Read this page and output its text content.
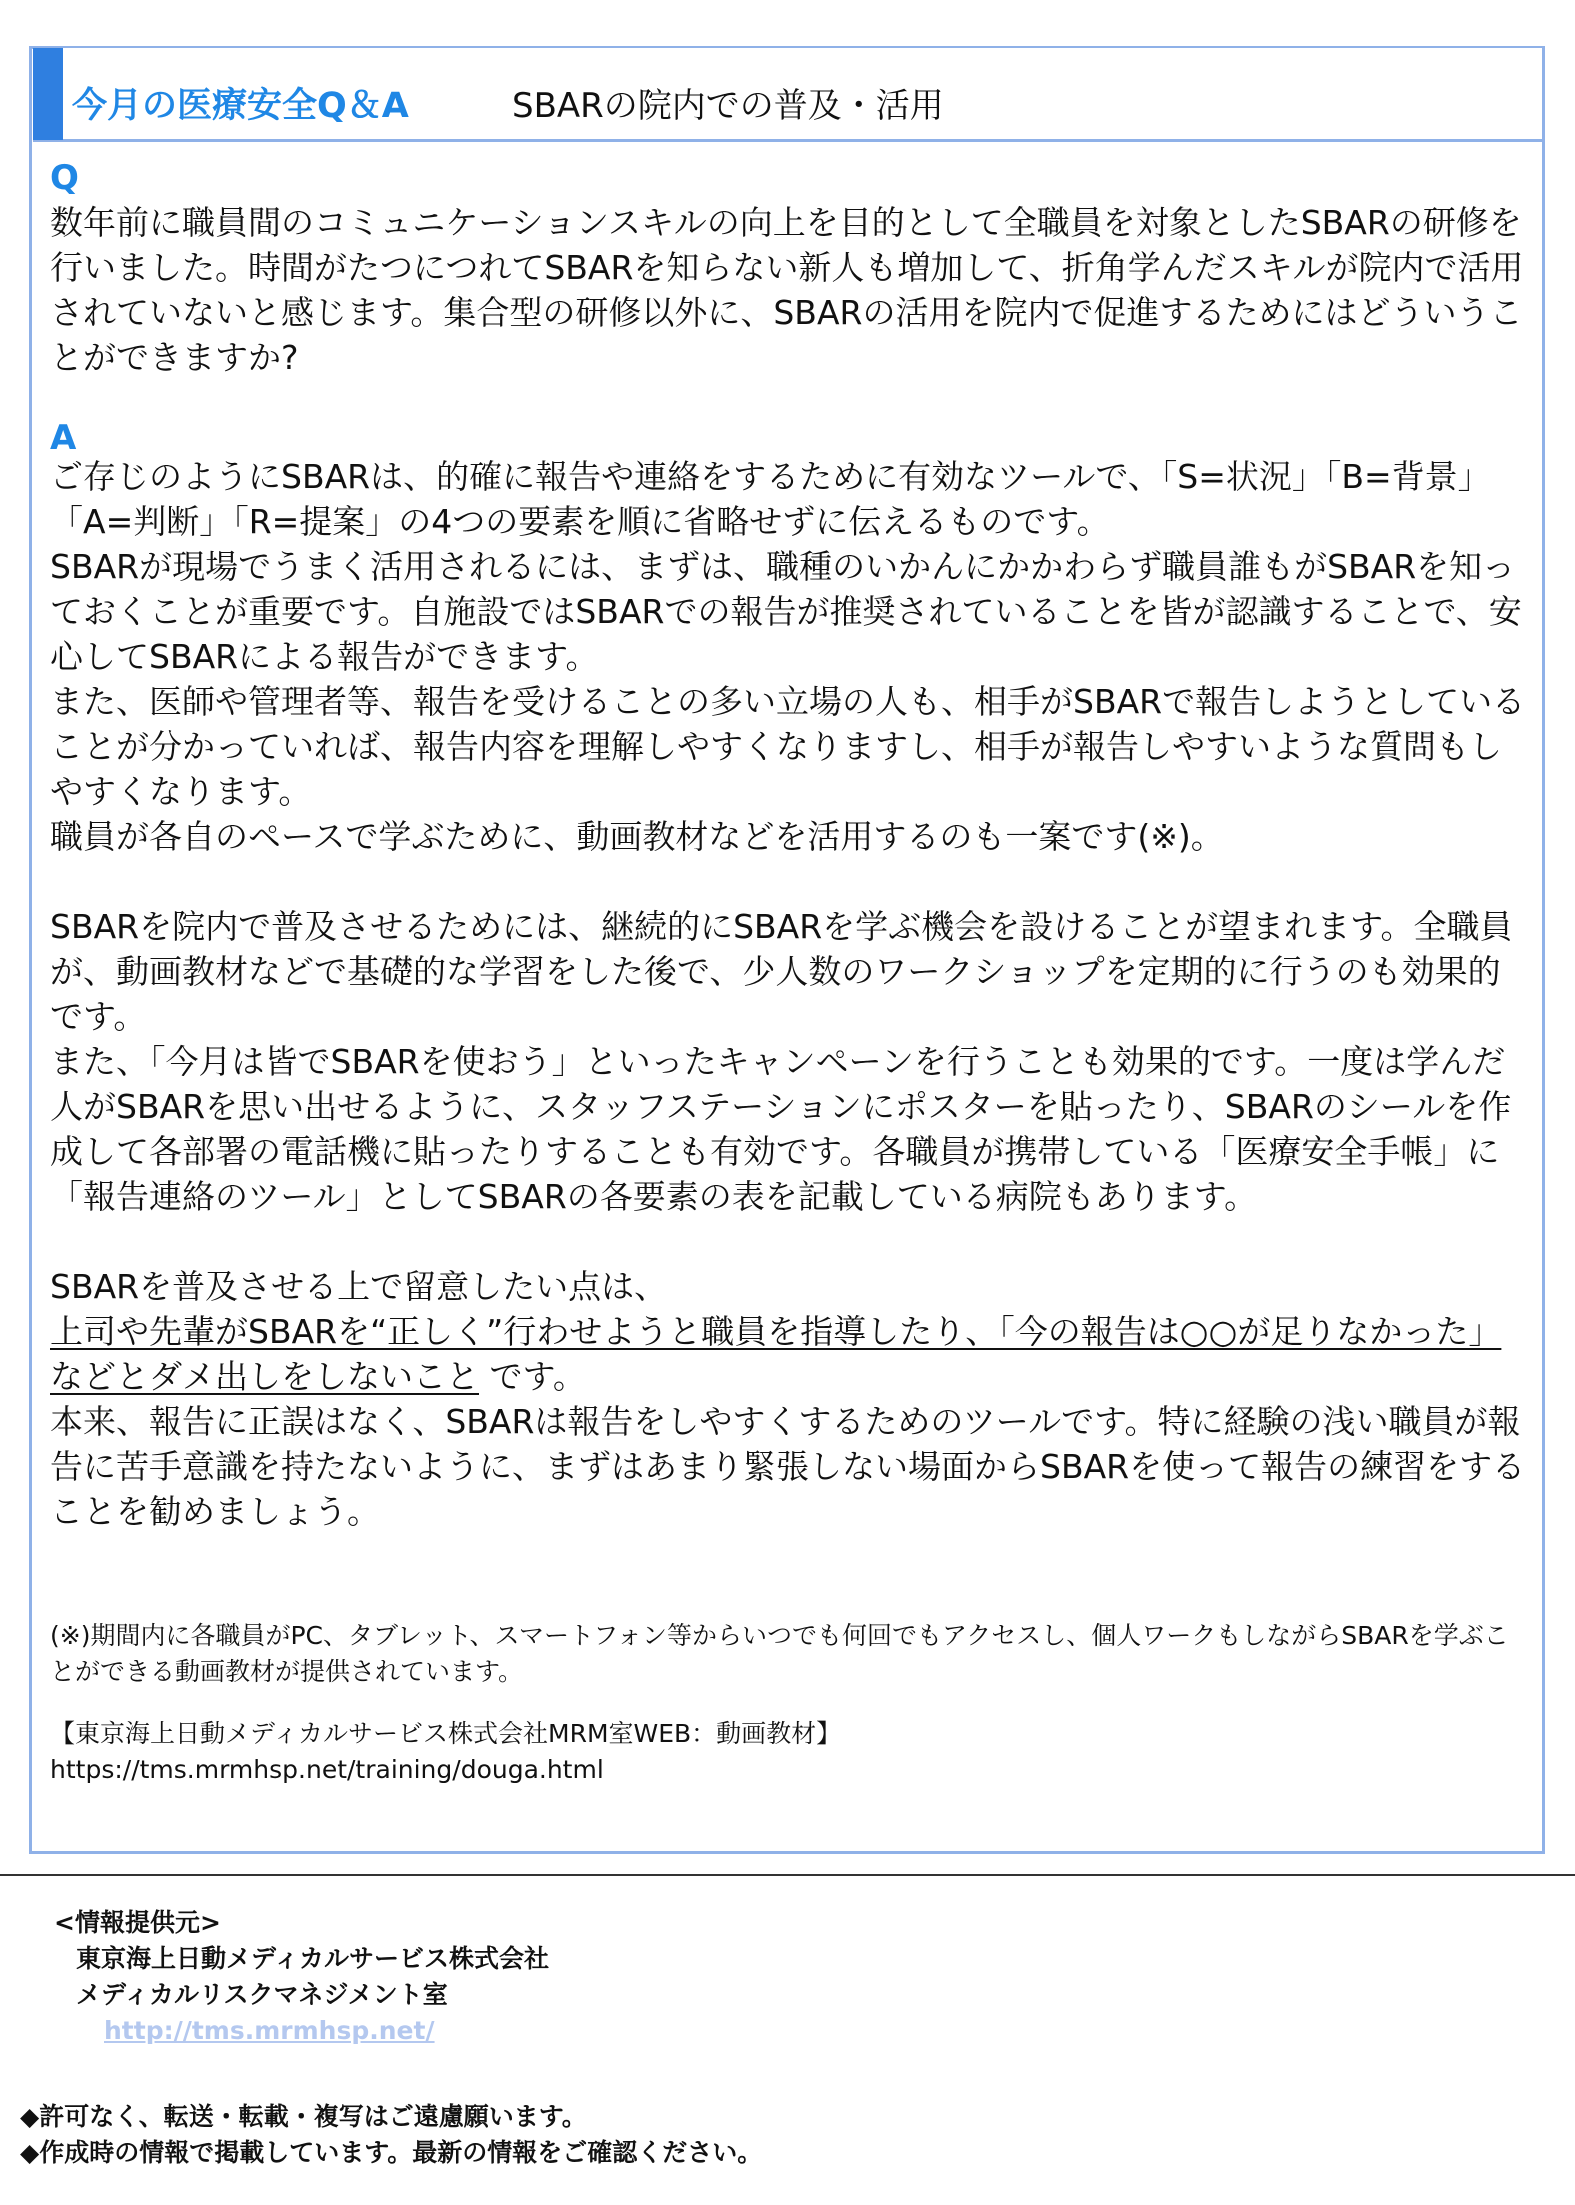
今月の医療安全Q＆A	SBARの院内での普及・活用
Q

数年前に職員間のコミュニケーションスキルの向上を目的として全職員を対象としたSBARの研修を行いました。時間がたつにつれてSBARを知らない新人も増加して、折角学んだスキルが院内で活用されていないと感じます。集合型の研修以外に、SBARの活用を院内で促進するためにはどういうことができますか?

A

ご存じのようにSBARは、的確に報告や連絡をするために有効なツールで、「S=状況」「B=背景」「A=判断」「R=提案」の4つの要素を順に省略せずに伝えるものです。

SBARが現場でうまく活用されるには、まずは、職種のいかんにかかわらず職員誰もがSBARを知っておくことが重要です。自施設ではSBARでの報告が推奨されていることを皆が認識することで、安心してSBARによる報告ができます。

また、医師や管理者等、報告を受けることの多い立場の人も、相手がSBARで報告しようとしていることが分かっていれば、報告内容を理解しやすくなりますし、相手が報告しやすいような質問もしやすくなります。

職員が各自のペースで学ぶために、動画教材などを活用するのも一案です(※)。

SBARを院内で普及させるためには、継続的にSBARを学ぶ機会を設けることが望まれます。全職員が、動画教材などで基礎的な学習をした後で、少人数のワークショップを定期的に行うのも効果的です。

また、「今月は皆でSBARを使おう」といったキャンペーンを行うことも効果的です。一度は学んだ人がSBARを思い出せるように、スタッフステーションにポスターを貼ったり、SBARのシールを作成して各部署の電話機に貼ったりすることも有効です。各職員が携帯している「医療安全手帳」に「報告連絡のツール」としてSBARの各要素の表を記載している病院もあります。

SBARを普及させる上で留意したい点は、
上司や先輩がSBARを“正しく”行わせようと職員を指導したり、「今の報告は○○が足りなかった」などとダメ出しをしないこと です。

本来、報告に正誤はなく、SBARは報告をしやすくするためのツールです。特に経験の浅い職員が報告に苦手意識を持たないように、まずはあまり緊張しない場面からSBARを使って報告の練習をすることを勧めましょう。

(※)期間内に各職員がPC、タブレット、スマートフォン等からいつでも何回でもアクセスし、個人ワークもしながらSBARを学ぶことができる動画教材が提供されています。

【東京海上日動メディカルサービス株式会社MRM室WEB：動画教材】

https://tms.mrmhsp.net/training/douga.html

<情報提供元>
東京海上日動メディカルサービス株式会社
メディカルリスクマネジメント室
http://tms.mrmhsp.net/

◆許可なく、転送・転載・複写はご遠慮願います。

◆作成時の情報で掲載しています。最新の情報をご確認ください。
